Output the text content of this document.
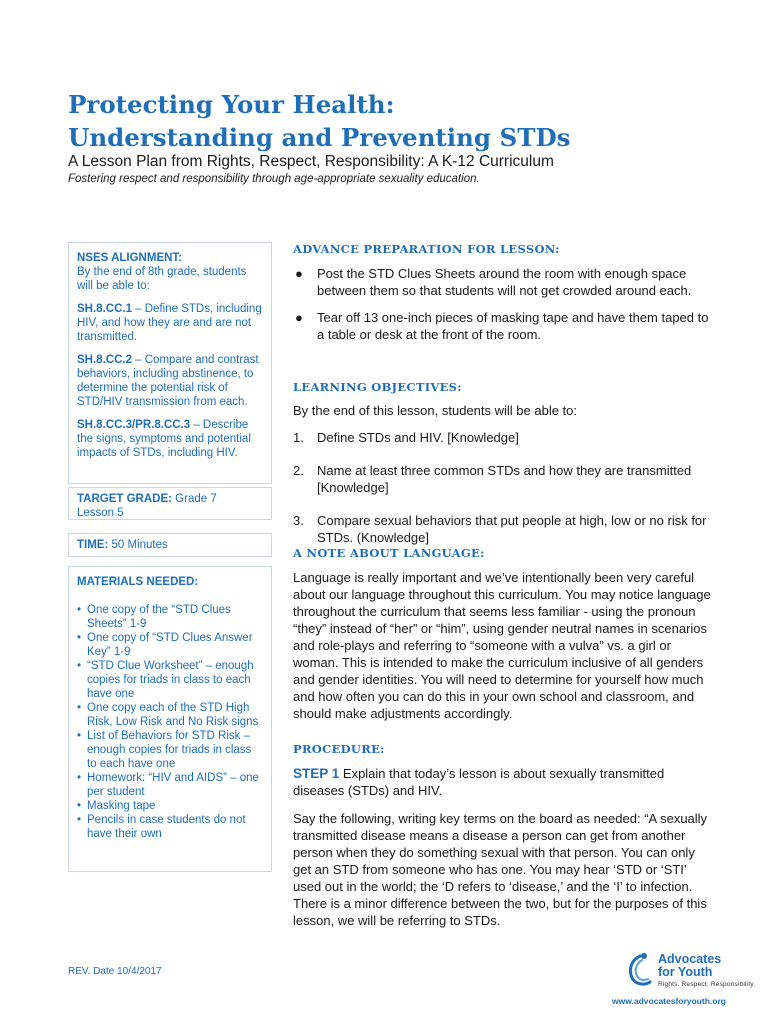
Protecting Your Health:
Understanding and Preventing STDs
A Lesson Plan from Rights, Respect, Responsibility: A K-12 Curriculum
Fostering respect and responsibility through age-appropriate sexuality education.
NSES ALIGNMENT:
By the end of 8th grade, students will be able to:
SH.8.CC.1 – Define STDs, including HIV, and how they are and are not transmitted.
SH.8.CC.2 – Compare and contrast behaviors, including abstinence, to determine the potential risk of STD/HIV transmission from each.
SH.8.CC.3/PR.8.CC.3 – Describe the signs, symptoms and potential impacts of STDs, including HIV.
TARGET GRADE: Grade 7
Lesson 5
TIME: 50 Minutes
MATERIALS NEEDED:
• One copy of the “STD Clues Sheets” 1-9
• One copy of “STD Clues Answer Key” 1-9
• “STD Clue Worksheet” – enough copies for triads in class to each have one
• One copy each of the STD High Risk, Low Risk and No Risk signs
• List of Behaviors for STD Risk – enough copies for triads in class to each have one
• Homework: “HIV and AIDS” – one per student
• Masking tape
• Pencils in case students do not have their own
ADVANCE PREPARATION FOR LESSON:
● Post the STD Clues Sheets around the room with enough space between them so that students will not get crowded around each.
● Tear off 13 one-inch pieces of masking tape and have them taped to a table or desk at the front of the room.
LEARNING OBJECTIVES:
By the end of this lesson, students will be able to:
1. Define STDs and HIV. [Knowledge]
2. Name at least three common STDs and how they are transmitted [Knowledge]
3. Compare sexual behaviors that put people at high, low or no risk for STDs. (Knowledge]
A NOTE ABOUT LANGUAGE:
Language is really important and we’ve intentionally been very careful about our language throughout this curriculum. You may notice language throughout the curriculum that seems less familiar - using the pronoun “they” instead of “her” or “him”, using gender neutral names in scenarios and role-plays and referring to “someone with a vulva” vs. a girl or woman. This is intended to make the curriculum inclusive of all genders and gender identities. You will need to determine for yourself how much and how often you can do this in your own school and classroom, and should make adjustments accordingly.
PROCEDURE:
STEP 1 Explain that today’s lesson is about sexually transmitted diseases (STDs) and HIV.
Say the following, writing key terms on the board as needed: “A sexually transmitted disease means a disease a person can get from another person when they do something sexual with that person. You can only get an STD from someone who has one. You may hear ‘STD or ‘STI’ used out in the world; the ‘D refers to ‘disease,’ and the ‘I’ to infection. There is a minor difference between the two, but for the purposes of this lesson, we will be referring to STDs.
REV. Date 10/4/2017
Advocates
for Youth
Rights. Respect. Responsibility.
www.advocatesforyouth.org
